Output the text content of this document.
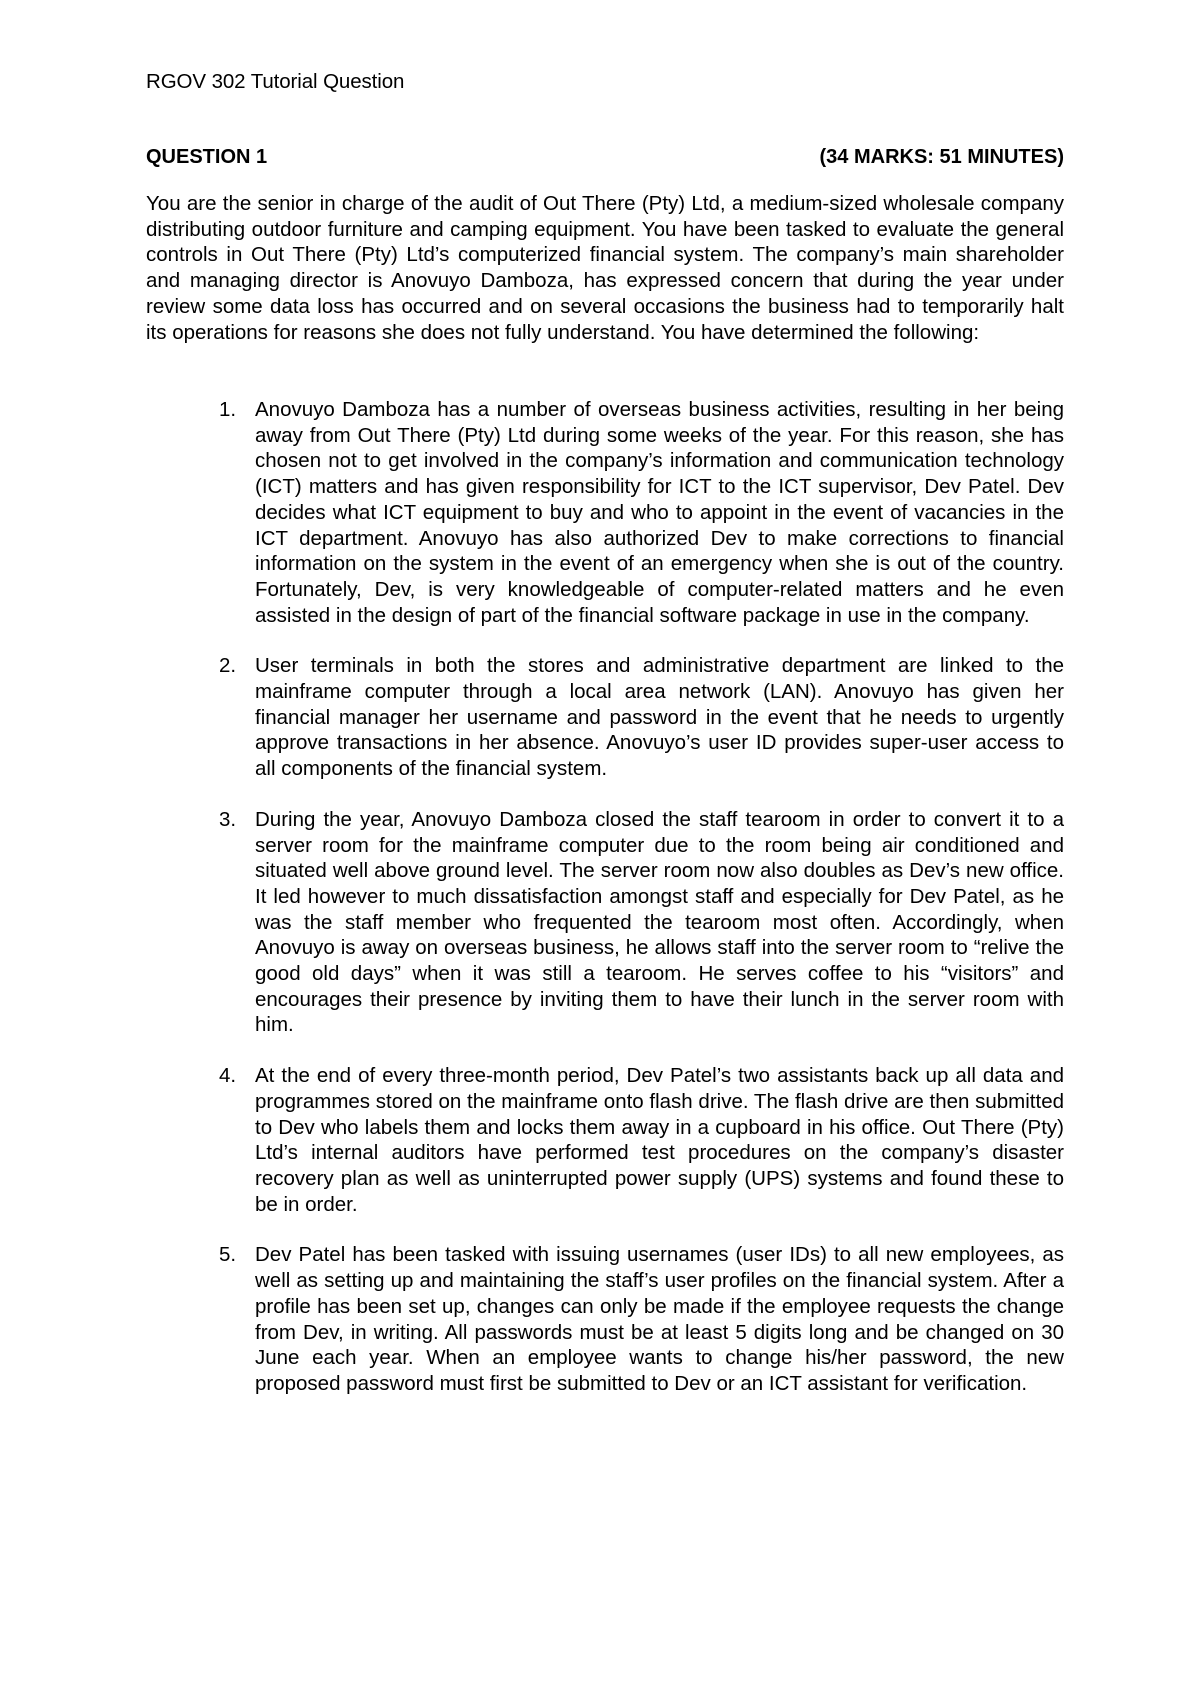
RGOV 302 Tutorial Question
QUESTION 1	(34 MARKS: 51 MINUTES)

You are the senior in charge of the audit of Out There (Pty) Ltd, a medium-sized wholesale company distributing outdoor furniture and camping equipment. You have been tasked to evaluate the general controls in Out There (Pty) Ltd’s computerized financial system. The company’s main shareholder and managing director is Anovuyo Damboza, has expressed concern that during the year under review some data loss has occurred and on several occasions the business had to temporarily halt its operations for reasons she does not fully understand. You have determined the following:

1. Anovuyo Damboza has a number of overseas business activities, resulting in her being away from Out There (Pty) Ltd during some weeks of the year. For this reason, she has chosen not to get involved in the company’s information and communication technology (ICT) matters and has given responsibility for ICT to the ICT supervisor, Dev Patel. Dev decides what ICT equipment to buy and who to appoint in the event of vacancies in the ICT department. Anovuyo has also authorized Dev to make corrections to financial information on the system in the event of an emergency when she is out of the country. Fortunately, Dev, is very knowledgeable of computer-related matters and he even assisted in the design of part of the financial software package in use in the company.
2. User terminals in both the stores and administrative department are linked to the mainframe computer through a local area network (LAN). Anovuyo has given her financial manager her username and password in the event that he needs to urgently approve transactions in her absence. Anovuyo’s user ID provides super-user access to all components of the financial system.
3. During the year, Anovuyo Damboza closed the staff tearoom in order to convert it to a server room for the mainframe computer due to the room being air conditioned and situated well above ground level. The server room now also doubles as Dev’s new office. It led however to much dissatisfaction amongst staff and especially for Dev Patel, as he was the staff member who frequented the tearoom most often. Accordingly, when Anovuyo is away on overseas business, he allows staff into the server room to “relive the good old days” when it was still a tearoom. He serves coffee to his “visitors” and encourages their presence by inviting them to have their lunch in the server room with him.
4. At the end of every three-month period, Dev Patel’s two assistants back up all data and programmes stored on the mainframe onto flash drive. The flash drive are then submitted to Dev who labels them and locks them away in a cupboard in his office. Out There (Pty) Ltd’s internal auditors have performed test procedures on the company’s disaster recovery plan as well as uninterrupted power supply (UPS) systems and found these to be in order.
5. Dev Patel has been tasked with issuing usernames (user IDs) to all new employees, as well as setting up and maintaining the staff’s user profiles on the financial system. After a profile has been set up, changes can only be made if the employee requests the change from Dev, in writing. All passwords must be at least 5 digits long and be changed on 30 June each year. When an employee wants to change his/her password, the new proposed password must first be submitted to Dev or an ICT assistant for verification.
